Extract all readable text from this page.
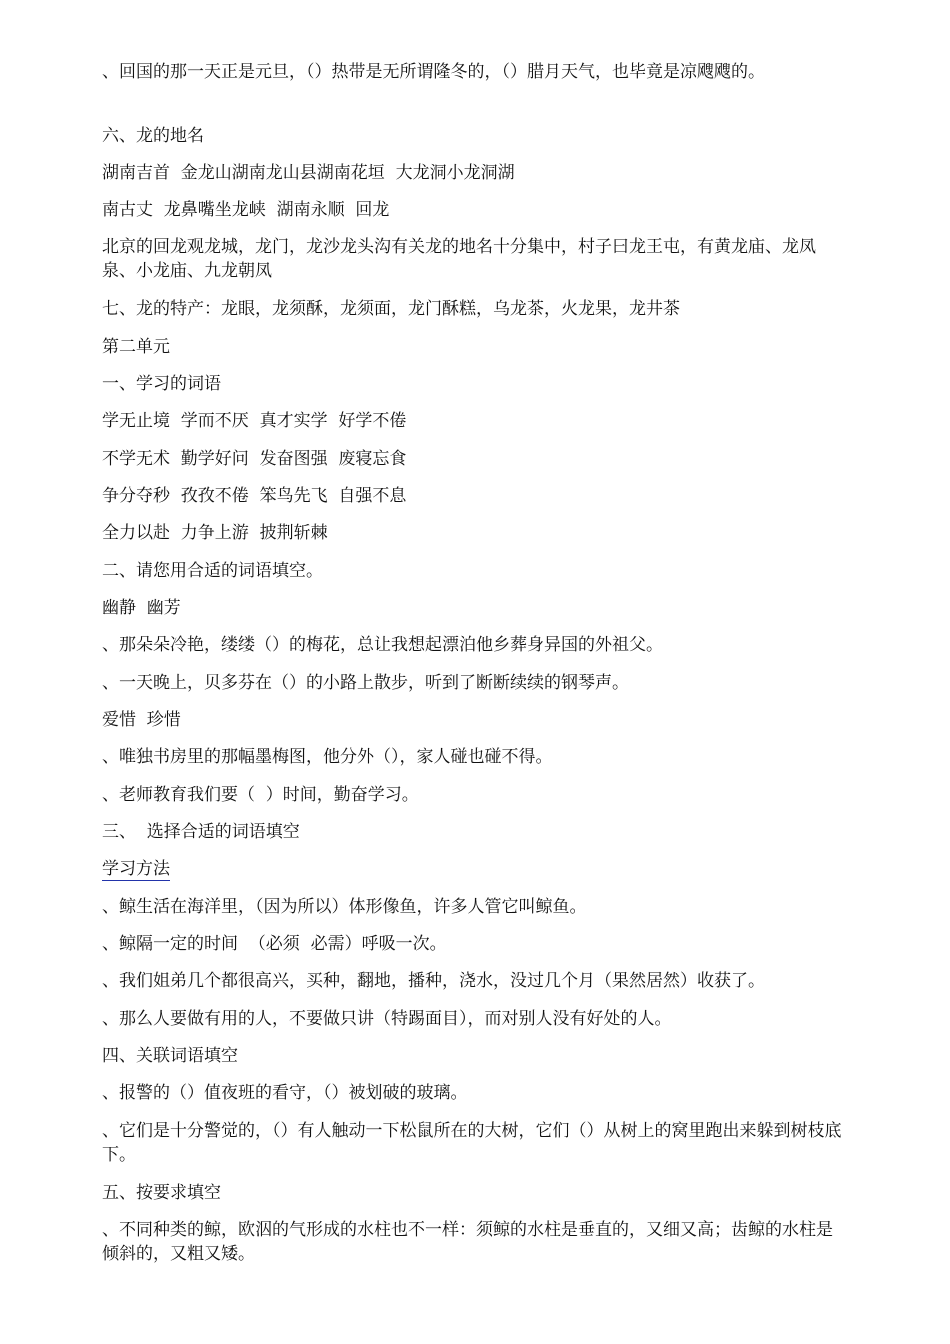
、回国的那一天正是元旦，（）热带是无所谓隆冬的，（）腊月天气，也毕竟是凉飕飕的。

六、龙的地名

湖南吉首  金龙山湖南龙山县湖南花垣  大龙洞小龙洞湖

南古丈  龙鼻嘴坐龙峡  湖南永顺  回龙

北京的回龙观龙城，龙门，龙沙龙头沟有关龙的地名十分集中，村子曰龙王屯，有黄龙庙、龙凤泉、小龙庙、九龙朝凤

七、龙的特产：龙眼，龙须酥，龙须面，龙门酥糕，乌龙茶，火龙果，龙井茶

第二单元

一、学习的词语

学无止境  学而不厌  真才实学  好学不倦

不学无术  勤学好问  发奋图强  废寝忘食

争分夺秒  孜孜不倦  笨鸟先飞  自强不息

全力以赴  力争上游  披荆斩棘

二、请您用合适的词语填空。

幽静  幽芳

、那朵朵冷艳，缕缕（）的梅花，总让我想起漂泊他乡葬身异国的外祖父。

、一天晚上，贝多芬在（）的小路上散步，听到了断断续续的钢琴声。

爱惜  珍惜

、唯独书房里的那幅墨梅图，他分外（），家人碰也碰不得。

、老师教育我们要（  ）时间，勤奋学习。

三、  选择合适的词语填空

学习方法

、鲸生活在海洋里，（因为所以）体形像鱼，许多人管它叫鲸鱼。

、鲸隔一定的时间  （必须  必需）呼吸一次。

、我们姐弟几个都很高兴，买种，翻地，播种，浇水，没过几个月（果然居然）收获了。

、那么人要做有用的人，不要做只讲（特踢面目），而对别人没有好处的人。

四、关联词语填空

、报警的（）值夜班的看守，（）被划破的玻璃。

、它们是十分警觉的，（）有人触动一下松鼠所在的大树，它们（）从树上的窝里跑出来躲到树枝底下。

五、按要求填空

、不同种类的鲸，欧泅的气形成的水柱也不一样：须鲸的水柱是垂直的，又细又高；齿鲸的水柱是倾斜的，又粗又矮。
